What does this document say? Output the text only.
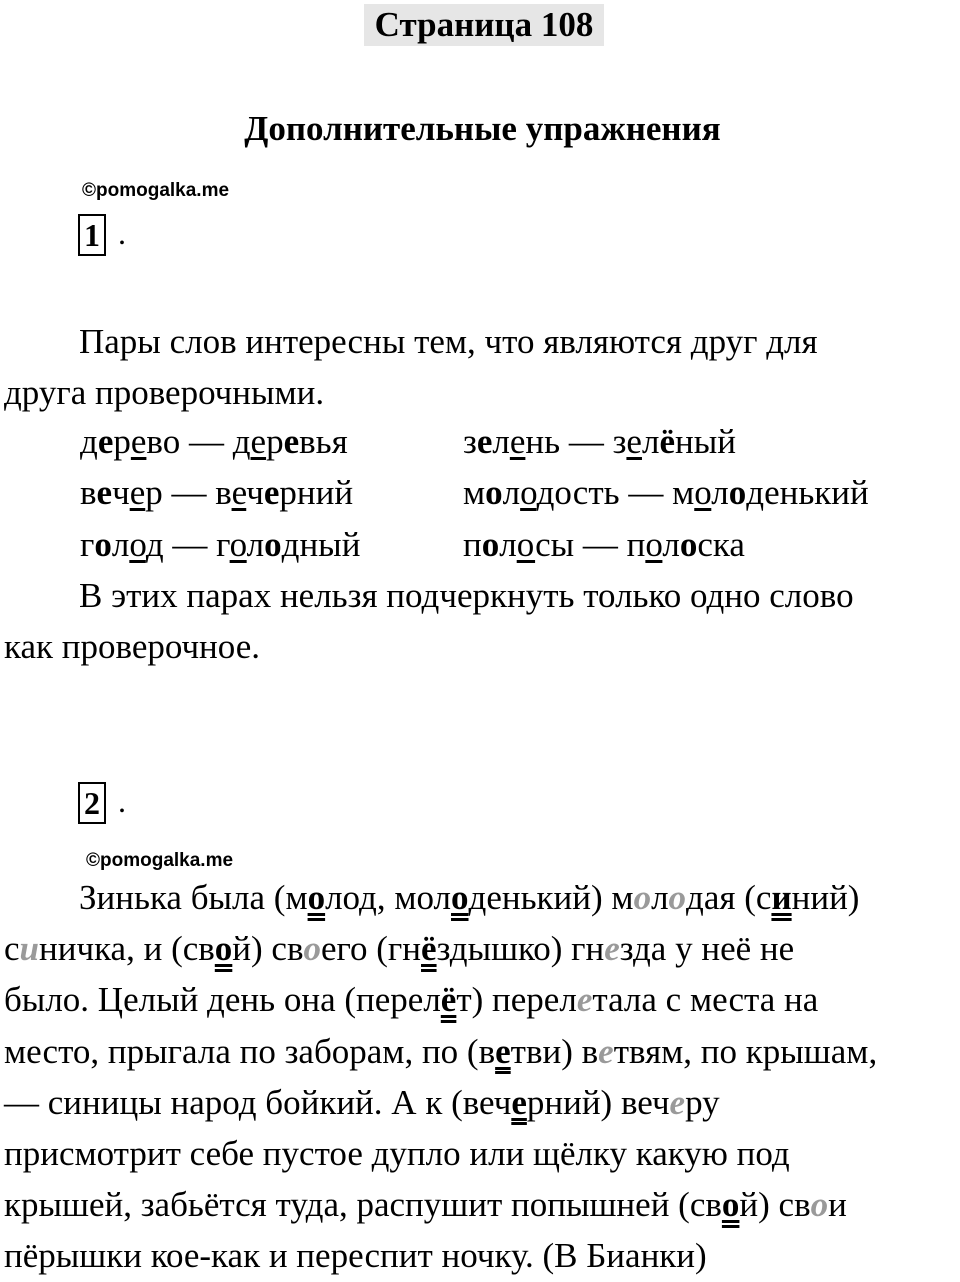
Страница 108
Дополнительные упражнения
©pomogalka.me
1 .
Пары слов интересны тем, что являются друг для
друга проверочными.
дерево — деревья
вечер — вечерний
голод — голодный
зелень — зелёный
молодость — молоденький
полосы — полоска
В этих парах нельзя подчеркнуть только одно слово
как проверочное.
2 .
©pomogalka.me
Зинька была (молод, молоденький) молодая (синий)
синичка, и (свой) своего (гнёздышко) гнезда у неё не
было. Целый день она (перелёт) перелетала с места на
место, прыгала по заборам, по (ветви) ветвям, по крышам,
— синицы народ бойкий. А к (вечерний) вечеру
присмотрит себе пустое дупло или щёлку какую под
крышей, забьётся туда, распушит попышней (свой) свои
пёрышки кое-как и переспит ночку. (В Бианки)
